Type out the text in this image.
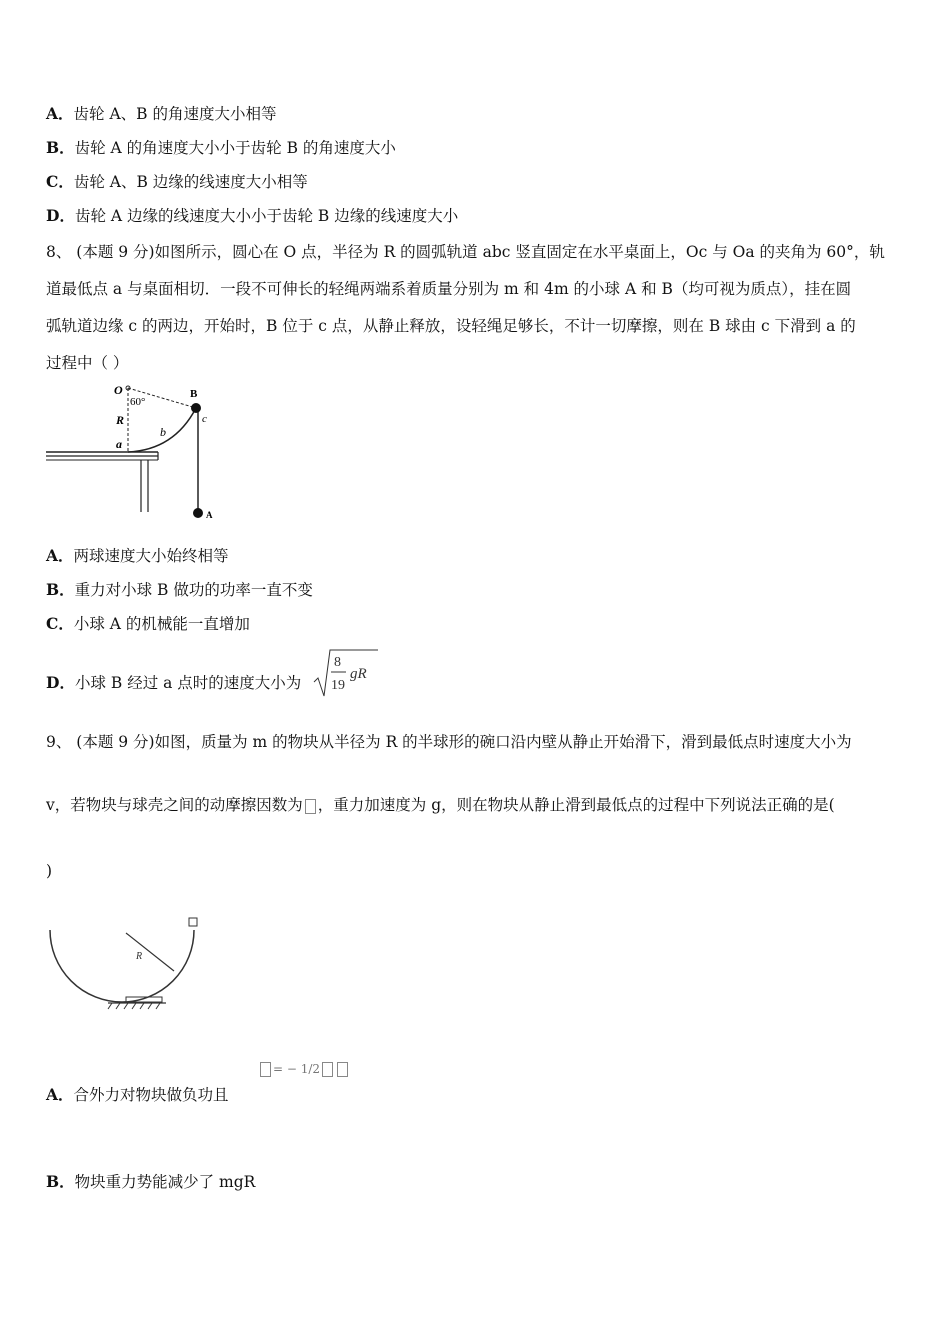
A．齿轮 A、B 的角速度大小相等
B．齿轮 A 的角速度大小小于齿轮 B 的角速度大小
C．齿轮 A、B 边缘的线速度大小相等
D．齿轮 A 边缘的线速度大小小于齿轮 B 边缘的线速度大小
8、 (本题 9 分)如图所示，圆心在 O 点，半径为 R 的圆弧轨道 abc 竖直固定在水平桌面上，Oc 与 Oa 的夹角为 60°，轨
道最低点 a 与桌面相切．一段不可伸长的轻绳两端系着质量分别为 m 和 4m 的小球 A 和 B（均可视为质点），挂在圆
弧轨道边缘 c 的两边，开始时，B 位于 c 点，从静止释放，设轻绳足够长，不计一切摩擦，则在 B 球由 c 下滑到 a 的
过程中（ ）
O
60°
B
c
R
a
b
A
A．两球速度大小始终相等
B．重力对小球 B 做功的功率一直不变
C．小球 A 的机械能一直增加
D．小球 B 经过 a 点时的速度大小为
8
19
gR
9、 (本题 9 分)如图，质量为 m 的物块从半径为 R 的半球形的碗口沿内壁从静止开始滑下，滑到最低点时速度大小为
v，若物块与球壳之间的动摩擦因数为 ，重力加速度为 g，则在物块从静止滑到最低点的过程中下列说法正确的是(
)
R
A．合外力对物块做负功且
= − 1/2
B．物块重力势能减少了 mgR
